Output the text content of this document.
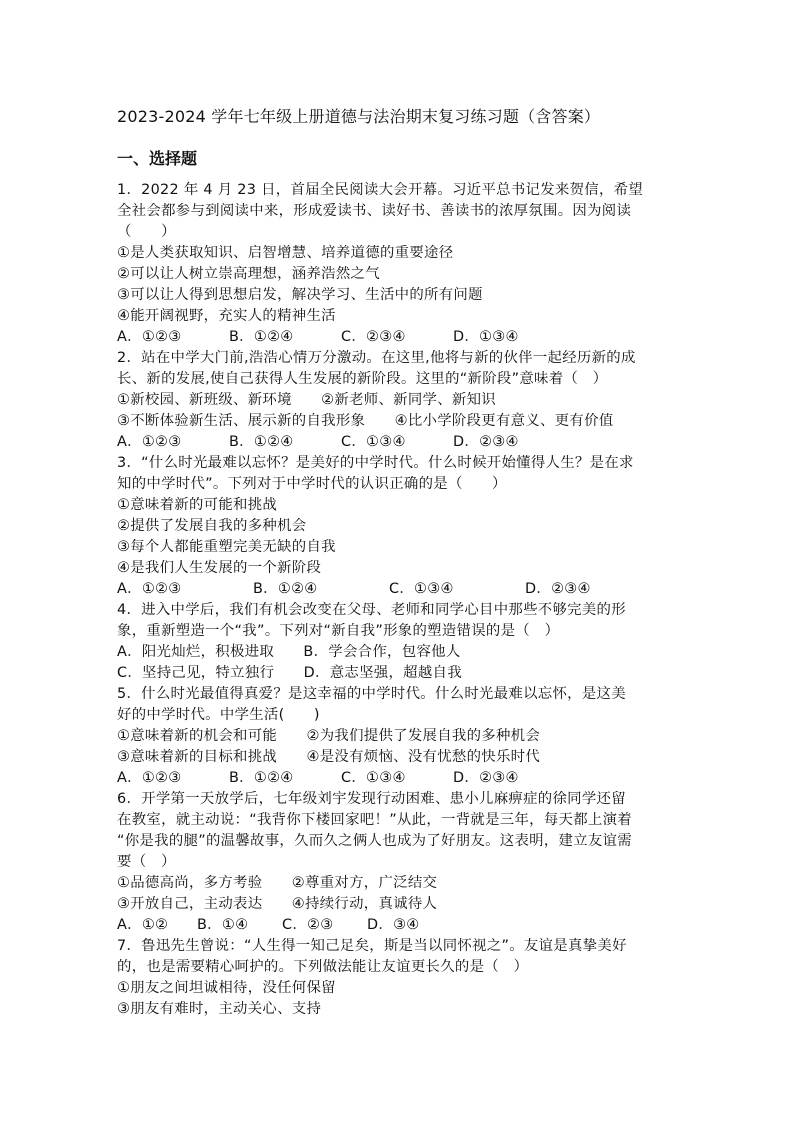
2023-2024 学年七年级上册道德与法治期末复习练习题（含答案）
一、选择题
1．2022 年 4 月 23 日，首届全民阅读大会开幕。习近平总书记发来贺信，希望
全社会都参与到阅读中来，形成爱读书、读好书、善读书的浓厚氛围。因为阅读
（　　）
①是人类获取知识、启智增慧、培养道德的重要途径
②可以让人树立崇高理想，涵养浩然之气
③可以让人得到思想启发，解决学习、生活中的所有问题
④能开阔视野，充实人的精神生活
A．①②③	B．①②④	C．②③④	D．①③④
2．站在中学大门前,浩浩心情万分激动。在这里,他将与新的伙伴一起经历新的成
长、新的发展,使自己获得人生发展的新阶段。这里的“新阶段”意味着（　）
①新校园、新班级、新环境　　②新老师、新同学、新知识
③不断体验新生活、展示新的自我形象　　④比小学阶段更有意义、更有价值
A．①②③	B．①②④	C．①③④	D．②③④
3．“什么时光最难以忘怀？是美好的中学时代。什么时候开始懂得人生？是在求
知的中学时代”。下列对于中学时代的认识正确的是（　　）
①意味着新的可能和挑战
②提供了发展自我的多种机会
③每个人都能重塑完美无缺的自我
④是我们人生发展的一个新阶段
A．①②③	B．①②④	C．①③④	D．②③④
4．进入中学后，我们有机会改变在父母、老师和同学心目中那些不够完美的形
象，重新塑造一个“我”。下列对“新自我”形象的塑造错误的是（　）
A．阳光灿烂，积极进取　　B．学会合作，包容他人
C．坚持己见，特立独行　　D．意志坚强，超越自我
5．什么时光最值得真爱？是这幸福的中学时代。什么时光最难以忘怀，是这美
好的中学时代。中学生活(　　)
①意味着新的机会和可能　　②为我们提供了发展自我的多种机会
③意味着新的目标和挑战　　④是没有烦恼、没有忧愁的快乐时代
A．①②③	B．①②④	C．①③④	D．②③④
6．开学第一天放学后，七年级刘宇发现行动困难、患小儿麻痹症的徐同学还留
在教室，就主动说：“我背你下楼回家吧！”从此，一背就是三年，每天都上演着
“你是我的腿”的温馨故事，久而久之俩人也成为了好朋友。这表明，建立友谊需
要（　）
①品德高尚，多方考验　　②尊重对方，广泛结交
③开放自己，主动表达　　④持续行动，真诚待人
A．①②	B．①④	C．②③	D．③④
7．鲁迅先生曾说：“人生得一知己足矣，斯是当以同怀视之”。友谊是真挚美好
的，也是需要精心呵护的。下列做法能让友谊更长久的是（　）
①朋友之间坦诚相待，没任何保留
③朋友有难时，主动关心、支持
